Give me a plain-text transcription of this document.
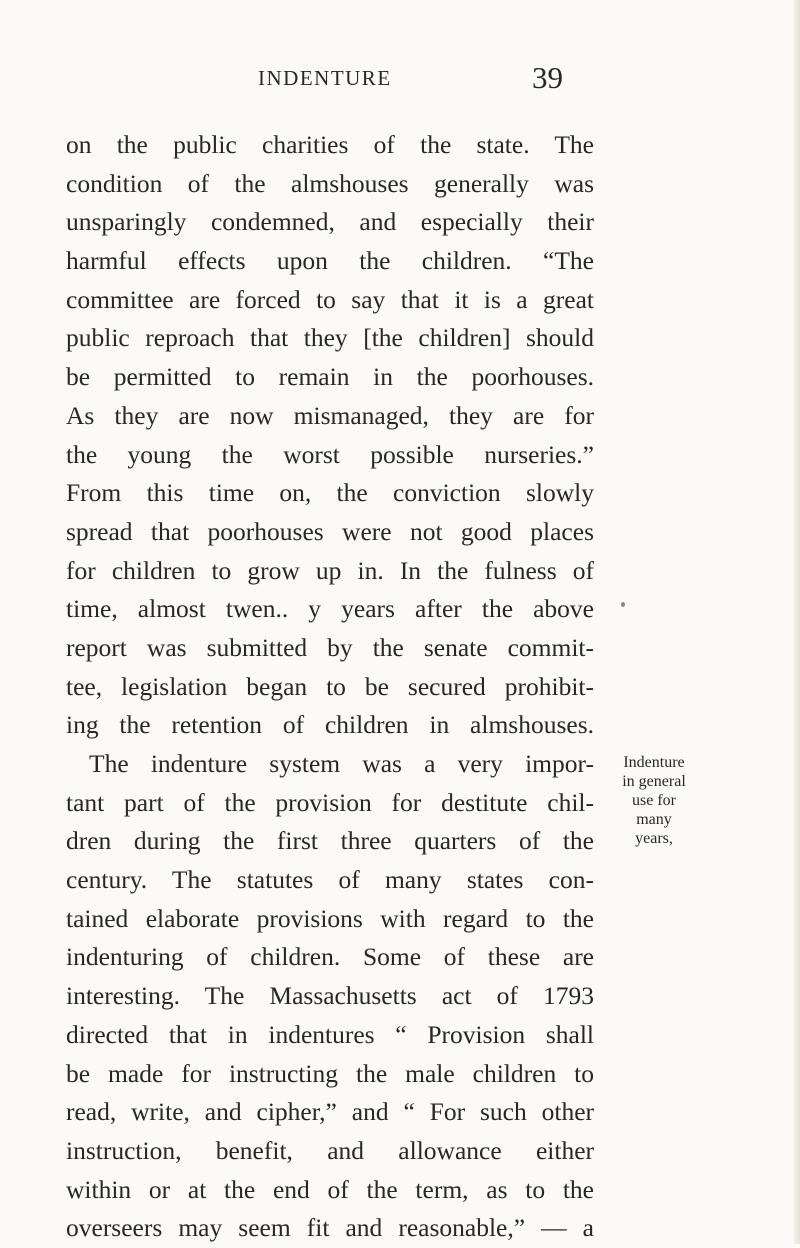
INDENTURE	39
on the public charities of the state. The
condition of the almshouses generally was
unsparingly condemned, and especially their
harmful effects upon the children. “The
committee are forced to say that it is a great
public reproach that they [the children] should
be permitted to remain in the poorhouses.
As they are now mismanaged, they are for
the young the worst possible nurseries.”
From this time on, the conviction slowly
spread that poorhouses were not good places
for children to grow up in. In the fulness of
time, almost twen.. y years after the above
report was submitted by the senate commit-
tee, legislation began to be secured prohibit-
ing the retention of children in almshouses.
The indenture system was a very impor-
tant part of the provision for destitute chil-
dren during the first three quarters of the
century. The statutes of many states con-
tained elaborate provisions with regard to the
indenturing of children. Some of these are
interesting. The Massachusetts act of 1793
directed that in indentures “ Provision shall
be made for instructing the male children to
read, write, and cipher,” and “ For such other
instruction, benefit, and allowance either
within or at the end of the term, as to the
overseers may seem fit and reasonable,” — a
Indenture
in general
use for
many
years,
